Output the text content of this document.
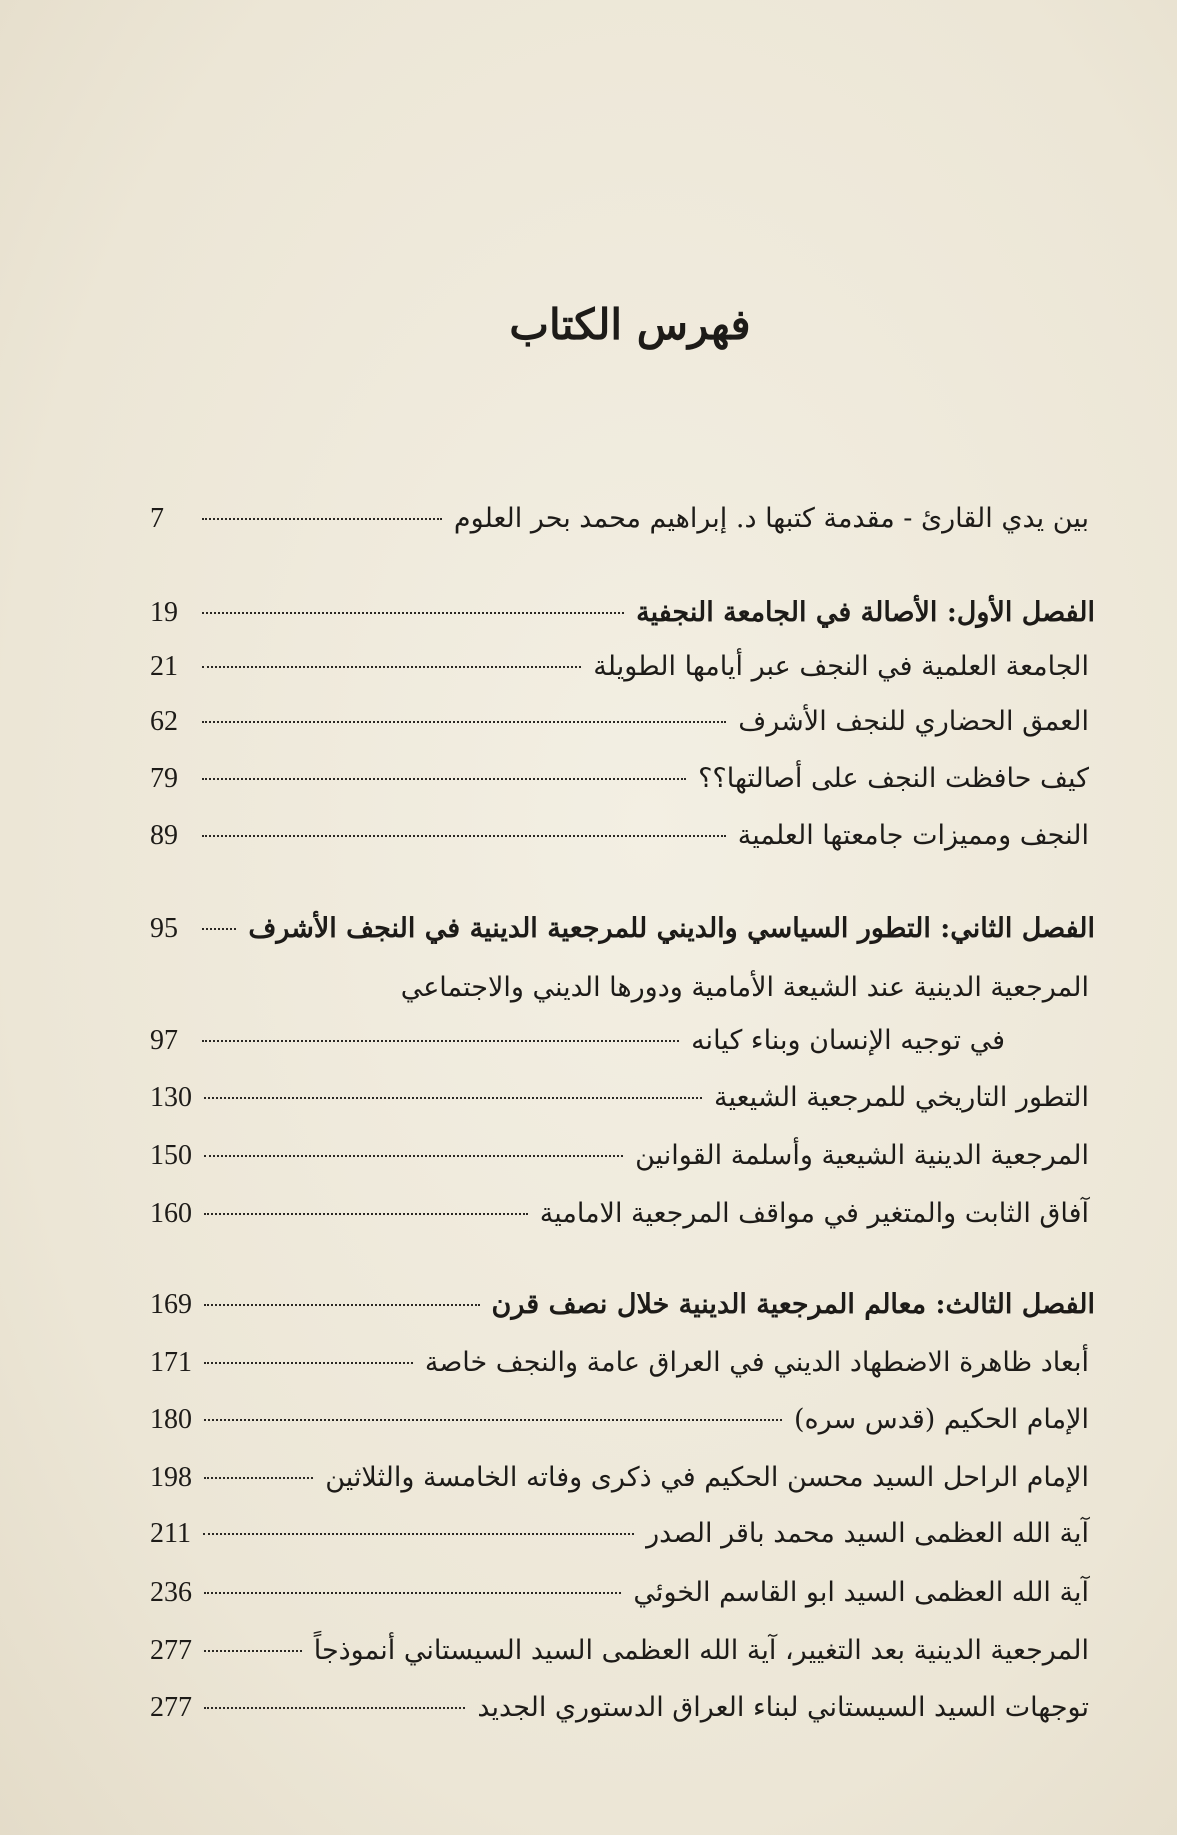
فهرس الكتاب
بين يدي القارئ - مقدمة كتبها د. إبراهيم محمد بحر العلوم
7
الفصل الأول: الأصالة في الجامعة النجفية
19
الجامعة العلمية في النجف عبر أيامها الطويلة
21
العمق الحضاري للنجف الأشرف
62
كيف حافظت النجف على أصالتها؟؟
79
النجف ومميزات جامعتها العلمية
89
الفصل الثاني: التطور السياسي والديني للمرجعية الدينية في النجف الأشرف
95
المرجعية الدينية عند الشيعة الأمامية ودورها الديني والاجتماعي
في توجيه الإنسان وبناء كيانه
97
التطور التاريخي للمرجعية الشيعية
130
المرجعية الدينية الشيعية وأسلمة القوانين
150
آفاق الثابت والمتغير في مواقف المرجعية الامامية
160
الفصل الثالث: معالم المرجعية الدينية خلال نصف قرن
169
أبعاد ظاهرة الاضطهاد الديني في العراق عامة والنجف خاصة
171
الإمام الحكيم (قدس سره)
180
الإمام الراحل السيد محسن الحكيم في ذكرى وفاته الخامسة والثلاثين
198
آية الله العظمى السيد محمد باقر الصدر
211
آية الله العظمى السيد ابو القاسم الخوئي
236
المرجعية الدينية بعد التغيير، آية الله العظمى السيد السيستاني أنموذجاً
277
توجهات السيد السيستاني لبناء العراق الدستوري الجديد
277
